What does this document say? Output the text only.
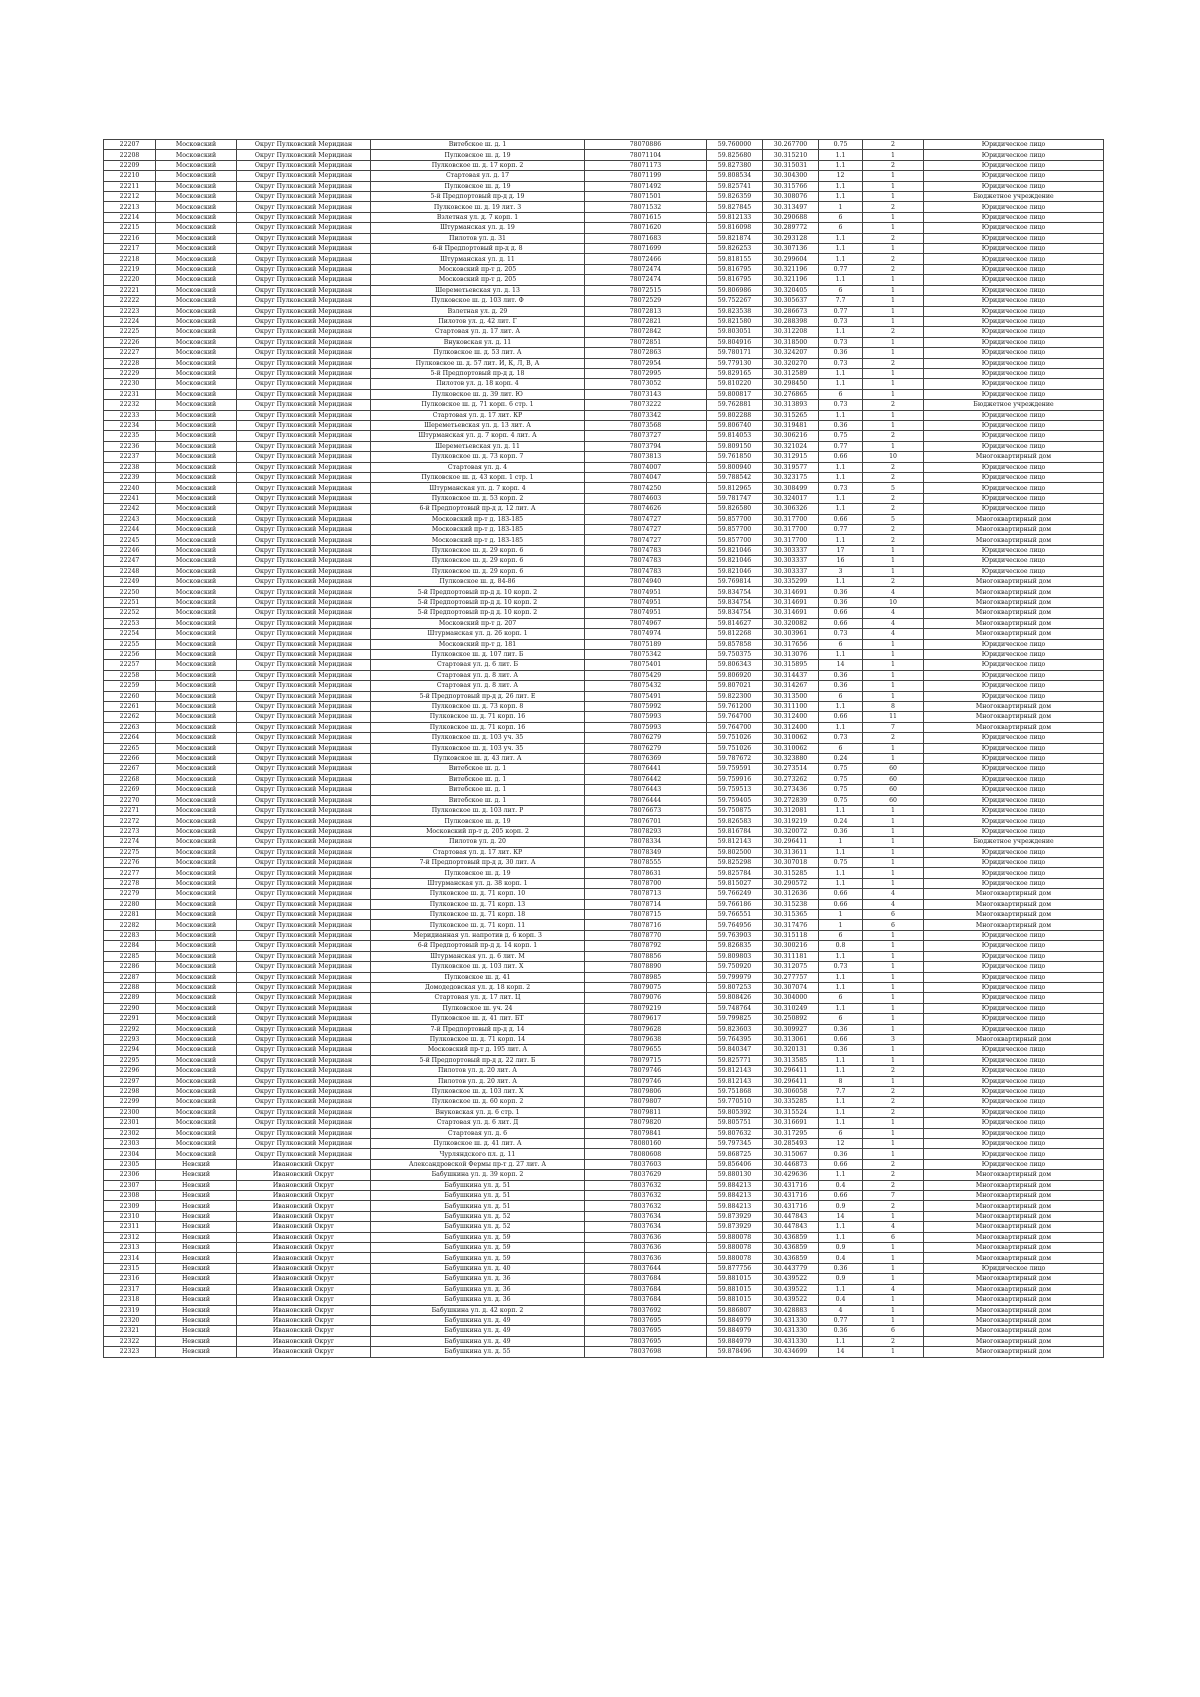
22207	Московский	Округ Пулковский Меридиан	Витебское ш. д. 1	78070886	59.760000	30.267700	0.75	2	Юридическое лицо
22208	Московский	Округ Пулковский Меридиан	Пулковское ш. д. 19	78071104	59.825680	30.315210	1.1	1	Юридическое лицо
22209	Московский	Округ Пулковский Меридиан	Пулковское ш. д. 17 корп. 2	78071173	59.827380	30.315031	1.1	2	Юридическое лицо
22210	Московский	Округ Пулковский Меридиан	Стартовая ул. д. 17	78071199	59.808534	30.304300	12	1	Юридическое лицо
22211	Московский	Округ Пулковский Меридиан	Пулковское ш. д. 19	78071492	59.825741	30.315766	1.1	1	Юридическое лицо
22212	Московский	Округ Пулковский Меридиан	5-й Предпортовый пр-д д. 19	78071501	59.826359	30.308076	1.1	1	Бюджетное учреждение
22213	Московский	Округ Пулковский Меридиан	Пулковское ш. д. 19 лит. 3	78071532	59.827845	30.313497	1	2	Юридическое лицо
22214	Московский	Округ Пулковский Меридиан	Взлетная ул. д. 7 корп. 1	78071615	59.812133	30.290688	6	1	Юридическое лицо
22215	Московский	Округ Пулковский Меридиан	Штурманская ул. д. 19	78071620	59.816098	30.289772	6	1	Юридическое лицо
22216	Московский	Округ Пулковский Меридиан	Пилотов ул. д. 31	78071683	59.821874	30.293128	1.1	2	Юридическое лицо
22217	Московский	Округ Пулковский Меридиан	6-й Предпортовый пр-д д. 8	78071699	59.826253	30.307136	1.1	1	Юридическое лицо
22218	Московский	Округ Пулковский Меридиан	Штурманская ул. д. 11	78072466	59.818155	30.299604	1.1	2	Юридическое лицо
22219	Московский	Округ Пулковский Меридиан	Московский пр-т д. 205	78072474	59.816795	30.321196	0.77	2	Юридическое лицо
22220	Московский	Округ Пулковский Меридиан	Московский пр-т д. 205	78072474	59.816795	30.321196	1.1	1	Юридическое лицо
22221	Московский	Округ Пулковский Меридиан	Шереметьевская ул. д. 13	78072515	59.806986	30.320405	6	1	Юридическое лицо
22222	Московский	Округ Пулковский Меридиан	Пулковское ш. д. 103 лит. Ф	78072529	59.752267	30.305637	7.7	1	Юридическое лицо
22223	Московский	Округ Пулковский Меридиан	Взлетная ул. д. 29	78072813	59.823538	30.286673	0.77	1	Юридическое лицо
22224	Московский	Округ Пулковский Меридиан	Пилотов ул. д. 42 лит. Г	78072821	59.821580	30.288398	0.73	1	Юридическое лицо
22225	Московский	Округ Пулковский Меридиан	Стартовая ул. д. 17 лит. А	78072842	59.803051	30.312208	1.1	2	Юридическое лицо
22226	Московский	Округ Пулковский Меридиан	Внуковская ул. д. 11	78072851	59.804916	30.318500	0.73	1	Юридическое лицо
22227	Московский	Округ Пулковский Меридиан	Пулковское ш. д. 53 лит. А	78072863	59.780171	30.324207	0.36	1	Юридическое лицо
22228	Московский	Округ Пулковский Меридиан	Пулковское ш. д. 57 лит. И, К, Л, В, А	78072954	59.779130	30.320270	0.73	2	Юридическое лицо
22229	Московский	Округ Пулковский Меридиан	5-й Предпортовый пр-д д. 18	78072995	59.829165	30.312589	1.1	1	Юридическое лицо
22230	Московский	Округ Пулковский Меридиан	Пилотов ул. д. 18 корп. 4	78073052	59.810220	30.298450	1.1	1	Юридическое лицо
22231	Московский	Округ Пулковский Меридиан	Пулковское ш. д. 39 лит. Ю	78073143	59.800817	30.276865	6	1	Юридическое лицо
22232	Московский	Округ Пулковский Меридиан	Пулковское ш. д. 71 корп. 6 стр. 1	78073222	59.762881	30.313893	0.73	2	Бюджетное учреждение
22233	Московский	Округ Пулковский Меридиан	Стартовая ул. д. 17 лит. КР	78073342	59.802288	30.315265	1.1	1	Юридическое лицо
22234	Московский	Округ Пулковский Меридиан	Шереметьевская ул. д. 13 лит. А	78073568	59.806740	30.319481	0.36	1	Юридическое лицо
22235	Московский	Округ Пулковский Меридиан	Штурманская ул. д. 7 корп. 4 лит. А	78073727	59.814053	30.306216	0.75	2	Юридическое лицо
22236	Московский	Округ Пулковский Меридиан	Шереметьевская ул. д. 11	78073794	59.809150	30.321024	0.77	1	Юридическое лицо
22237	Московский	Округ Пулковский Меридиан	Пулковское ш. д. 73 корп. 7	78073813	59.761850	30.312915	0.66	10	Многоквартирный дом
22238	Московский	Округ Пулковский Меридиан	Стартовая ул. д. 4	78074007	59.800940	30.319577	1.1	2	Юридическое лицо
22239	Московский	Округ Пулковский Меридиан	Пулковское ш. д. 43 корп. 1 стр. 1	78074047	59.788542	30.323175	1.1	2	Юридическое лицо
22240	Московский	Округ Пулковский Меридиан	Штурманская ул. д. 7 корп. 4	78074250	59.812965	30.308499	0.73	5	Юридическое лицо
22241	Московский	Округ Пулковский Меридиан	Пулковское ш. д. 53 корп. 2	78074603	59.781747	30.324017	1.1	2	Юридическое лицо
22242	Московский	Округ Пулковский Меридиан	6-й Предпортовый пр-д д. 12 лит. А	78074626	59.826580	30.306326	1.1	2	Юридическое лицо
22243	Московский	Округ Пулковский Меридиан	Московский пр-т д. 183-185	78074727	59.857700	30.317700	0.66	5	Многоквартирный дом
22244	Московский	Округ Пулковский Меридиан	Московский пр-т д. 183-185	78074727	59.857700	30.317700	0.77	2	Многоквартирный дом
22245	Московский	Округ Пулковский Меридиан	Московский пр-т д. 183-185	78074727	59.857700	30.317700	1.1	2	Многоквартирный дом
22246	Московский	Округ Пулковский Меридиан	Пулковское ш. д. 29 корп. 6	78074783	59.821046	30.303337	17	1	Юридическое лицо
22247	Московский	Округ Пулковский Меридиан	Пулковское ш. д. 29 корп. 6	78074783	59.821046	30.303337	16	1	Юридическое лицо
22248	Московский	Округ Пулковский Меридиан	Пулковское ш. д. 29 корп. 6	78074783	59.821046	30.303337	3	1	Юридическое лицо
22249	Московский	Округ Пулковский Меридиан	Пулковское ш. д. 84-86	78074940	59.769814	30.335299	1.1	2	Многоквартирный дом
22250	Московский	Округ Пулковский Меридиан	5-й Предпортовый пр-д д. 10 корп. 2	78074951	59.834754	30.314691	0.36	4	Многоквартирный дом
22251	Московский	Округ Пулковский Меридиан	5-й Предпортовый пр-д д. 10 корп. 2	78074951	59.834754	30.314691	0.36	10	Многоквартирный дом
22252	Московский	Округ Пулковский Меридиан	5-й Предпортовый пр-д д. 10 корп. 2	78074951	59.834754	30.314691	0.66	4	Многоквартирный дом
22253	Московский	Округ Пулковский Меридиан	Московский пр-т д. 207	78074967	59.814627	30.320082	0.66	4	Многоквартирный дом
22254	Московский	Округ Пулковский Меридиан	Штурманская ул. д. 26 корп. 1	78074974	59.812268	30.303961	0.73	4	Многоквартирный дом
22255	Московский	Округ Пулковский Меридиан	Московский пр-т д. 181	78075189	59.857858	30.317656	6	1	Юридическое лицо
22256	Московский	Округ Пулковский Меридиан	Пулковское ш. д. 107 лит. Б	78075342	59.750375	30.313076	1.1	1	Юридическое лицо
22257	Московский	Округ Пулковский Меридиан	Стартовая ул. д. 6 лит. Б	78075401	59.806343	30.315895	14	1	Юридическое лицо
22258	Московский	Округ Пулковский Меридиан	Стартовая ул. д. 8 лит. А	78075429	59.806920	30.314437	0.36	1	Юридическое лицо
22259	Московский	Округ Пулковский Меридиан	Стартовая ул. д. 8 лит. А	78075432	59.807021	30.314267	0.36	1	Юридическое лицо
22260	Московский	Округ Пулковский Меридиан	5-й Предпортовый пр-д д. 26 лит. Е	78075491	59.822300	30.313500	6	1	Юридическое лицо
22261	Московский	Округ Пулковский Меридиан	Пулковское ш. д. 73 корп. 8	78075992	59.761200	30.311100	1.1	8	Многоквартирный дом
22262	Московский	Округ Пулковский Меридиан	Пулковское ш. д. 71 корп. 16	78075993	59.764700	30.312400	0.66	11	Многоквартирный дом
22263	Московский	Округ Пулковский Меридиан	Пулковское ш. д. 71 корп. 16	78075993	59.764700	30.312400	1.1	7	Многоквартирный дом
22264	Московский	Округ Пулковский Меридиан	Пулковское ш. д. 103 уч. 35	78076279	59.751026	30.310062	0.73	2	Юридическое лицо
22265	Московский	Округ Пулковский Меридиан	Пулковское ш. д. 103 уч. 35	78076279	59.751026	30.310062	6	1	Юридическое лицо
22266	Московский	Округ Пулковский Меридиан	Пулковское ш. д. 43 лит. А	78076369	59.787672	30.323880	0.24	1	Юридическое лицо
22267	Московский	Округ Пулковский Меридиан	Витебское ш. д. 1	78076441	59.759591	30.273514	0.75	60	Юридическое лицо
22268	Московский	Округ Пулковский Меридиан	Витебское ш. д. 1	78076442	59.759916	30.273262	0.75	60	Юридическое лицо
22269	Московский	Округ Пулковский Меридиан	Витебское ш. д. 1	78076443	59.759513	30.273436	0.75	60	Юридическое лицо
22270	Московский	Округ Пулковский Меридиан	Витебское ш. д. 1	78076444	59.759405	30.272839	0.75	60	Юридическое лицо
22271	Московский	Округ Пулковский Меридиан	Пулковское ш. д. 103 лит. Р	78076673	59.750875	30.312081	1.1	1	Юридическое лицо
22272	Московский	Округ Пулковский Меридиан	Пулковское ш. д. 19	78076701	59.826583	30.319219	0.24	1	Юридическое лицо
22273	Московский	Округ Пулковский Меридиан	Московский пр-т д. 205 корп. 2	78078293	59.816784	30.320072	0.36	1	Юридическое лицо
22274	Московский	Округ Пулковский Меридиан	Пилотов ул. д. 20	78078334	59.812143	30.296411	1	1	Бюджетное учреждение
22275	Московский	Округ Пулковский Меридиан	Стартовая ул. д. 17 лит. КР	78078349	59.802500	30.313611	1.1	1	Юридическое лицо
22276	Московский	Округ Пулковский Меридиан	7-й Предпортовый пр-д д. 30 лит. А	78078555	59.825298	30.307018	0.75	1	Юридическое лицо
22277	Московский	Округ Пулковский Меридиан	Пулковское ш. д. 19	78078631	59.825784	30.315285	1.1	1	Юридическое лицо
22278	Московский	Округ Пулковский Меридиан	Штурманская ул. д. 38 корп. 1	78078700	59.815027	30.290572	1.1	1	Юридическое лицо
22279	Московский	Округ Пулковский Меридиан	Пулковское ш. д. 71 корп. 10	78078713	59.766249	30.312636	0.66	4	Многоквартирный дом
22280	Московский	Округ Пулковский Меридиан	Пулковское ш. д. 71 корп. 13	78078714	59.766186	30.315238	0.66	4	Многоквартирный дом
22281	Московский	Округ Пулковский Меридиан	Пулковское ш. д. 71 корп. 18	78078715	59.766551	30.315365	1	6	Многоквартирный дом
22282	Московский	Округ Пулковский Меридиан	Пулковское ш. д. 71 корп. 11	78078716	59.764956	30.317476	1	6	Многоквартирный дом
22283	Московский	Округ Пулковский Меридиан	Меридианная ул. напротив д. 6 корп. 3	78078770	59.763903	30.315118	6	1	Юридическое лицо
22284	Московский	Округ Пулковский Меридиан	6-й Предпортовый пр-д д. 14 корп. 1	78078792	59.826835	30.300216	0.8	1	Юридическое лицо
22285	Московский	Округ Пулковский Меридиан	Штурманская ул. д. 6 лит. М	78078856	59.809803	30.311181	1.1	1	Юридическое лицо
22286	Московский	Округ Пулковский Меридиан	Пулковское ш. д. 103 лит. Х	78078890	59.750920	30.312075	0.73	1	Юридическое лицо
22287	Московский	Округ Пулковский Меридиан	Пулковское ш. д. 41	78078985	59.799979	30.277757	1.1	1	Юридическое лицо
22288	Московский	Округ Пулковский Меридиан	Домодедовская ул. д. 18 корп. 2	78079075	59.807253	30.307074	1.1	1	Юридическое лицо
22289	Московский	Округ Пулковский Меридиан	Стартовая ул. д. 17 лит. Ц	78079076	59.808426	30.304000	6	1	Юридическое лицо
22290	Московский	Округ Пулковский Меридиан	Пулковское ш. уч. 24	78079219	59.748764	30.310249	1.1	1	Юридическое лицо
22291	Московский	Округ Пулковский Меридиан	Пулковское ш. д. 41 лит. БТ	78079617	59.799825	30.250892	6	1	Юридическое лицо
22292	Московский	Округ Пулковский Меридиан	7-й Предпортовый пр-д д. 14	78079628	59.823603	30.309927	0.36	1	Юридическое лицо
22293	Московский	Округ Пулковский Меридиан	Пулковское ш. д. 71 корп. 14	78079638	59.764395	30.313061	0.66	3	Многоквартирный дом
22294	Московский	Округ Пулковский Меридиан	Московский пр-т д. 195 лит. А	78079655	59.840347	30.320131	0.36	1	Юридическое лицо
22295	Московский	Округ Пулковский Меридиан	5-й Предпортовый пр-д д. 22 лит. Б	78079715	59.825771	30.313585	1.1	1	Юридическое лицо
22296	Московский	Округ Пулковский Меридиан	Пилотов ул. д. 20 лит. А	78079746	59.812143	30.296411	1.1	2	Юридическое лицо
22297	Московский	Округ Пулковский Меридиан	Пилотов ул. д. 20 лит. А	78079746	59.812143	30.296411	8	1	Юридическое лицо
22298	Московский	Округ Пулковский Меридиан	Пулковское ш. д. 103 лит. Х	78079806	59.751868	30.306058	7.7	2	Юридическое лицо
22299	Московский	Округ Пулковский Меридиан	Пулковское ш. д. 60 корп. 2	78079807	59.770510	30.335285	1.1	2	Юридическое лицо
22300	Московский	Округ Пулковский Меридиан	Внуковская ул. д. 6 стр. 1	78079811	59.805392	30.315524	1.1	2	Юридическое лицо
22301	Московский	Округ Пулковский Меридиан	Стартовая ул. д. 6 лит. Д	78079820	59.805751	30.316691	1.1	1	Юридическое лицо
22302	Московский	Округ Пулковский Меридиан	Стартовая ул. д. 6	78079841	59.807632	30.317295	6	1	Юридическое лицо
22303	Московский	Округ Пулковский Меридиан	Пулковское ш. д. 41 лит. А	78080160	59.797345	30.285493	12	1	Юридическое лицо
22304	Московский	Округ Пулковский Меридиан	Чурляндского пл. д. 11	78080608	59.868725	30.315067	0.36	1	Юридическое лицо
22305	Невский	Ивановский Округ	Александровской Фермы пр-т д. 27 лит. А	78037603	59.856406	30.446873	0.66	2	Юридическое лицо
22306	Невский	Ивановский Округ	Бабушкина ул. д. 39 корп. 2	78037629	59.880130	30.429636	1.1	2	Многоквартирный дом
22307	Невский	Ивановский Округ	Бабушкина ул. д. 51	78037632	59.884213	30.431716	0.4	2	Многоквартирный дом
22308	Невский	Ивановский Округ	Бабушкина ул. д. 51	78037632	59.884213	30.431716	0.66	7	Многоквартирный дом
22309	Невский	Ивановский Округ	Бабушкина ул. д. 51	78037632	59.884213	30.431716	0.9	2	Многоквартирный дом
22310	Невский	Ивановский Округ	Бабушкина ул. д. 52	78037634	59.873929	30.447843	14	1	Многоквартирный дом
22311	Невский	Ивановский Округ	Бабушкина ул. д. 52	78037634	59.873929	30.447843	1.1	4	Многоквартирный дом
22312	Невский	Ивановский Округ	Бабушкина ул. д. 59	78037636	59.880078	30.436859	1.1	6	Многоквартирный дом
22313	Невский	Ивановский Округ	Бабушкина ул. д. 59	78037636	59.880078	30.436859	0.9	1	Многоквартирный дом
22314	Невский	Ивановский Округ	Бабушкина ул. д. 59	78037636	59.880078	30.436859	0.4	1	Многоквартирный дом
22315	Невский	Ивановский Округ	Бабушкина ул. д. 40	78037644	59.877756	30.443779	0.36	1	Юридическое лицо
22316	Невский	Ивановский Округ	Бабушкина ул. д. 36	78037684	59.881015	30.439522	0.9	1	Многоквартирный дом
22317	Невский	Ивановский Округ	Бабушкина ул. д. 36	78037684	59.881015	30.439522	1.1	4	Многоквартирный дом
22318	Невский	Ивановский Округ	Бабушкина ул. д. 36	78037684	59.881015	30.439522	0.4	1	Многоквартирный дом
22319	Невский	Ивановский Округ	Бабушкина ул. д. 42 корп. 2	78037692	59.886807	30.428883	4	1	Многоквартирный дом
22320	Невский	Ивановский Округ	Бабушкина ул. д. 49	78037695	59.884979	30.431330	0.77	1	Многоквартирный дом
22321	Невский	Ивановский Округ	Бабушкина ул. д. 49	78037695	59.884979	30.431330	0.36	6	Многоквартирный дом
22322	Невский	Ивановский Округ	Бабушкина ул. д. 49	78037695	59.884979	30.431330	1.1	2	Многоквартирный дом
22323	Невский	Ивановский Округ	Бабушкина ул. д. 55	78037698	59.878496	30.434699	14	1	Многоквартирный дом
